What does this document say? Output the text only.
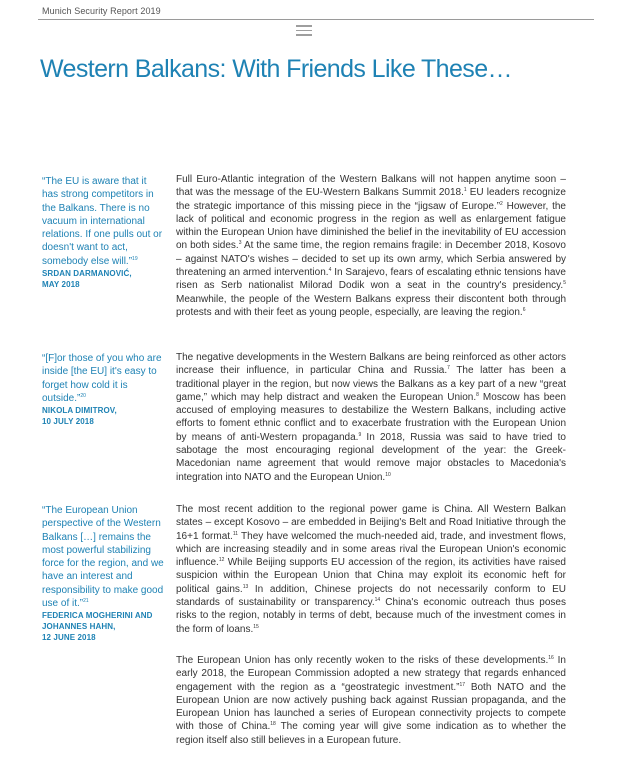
Munich Security Report 2019
Western Balkans: With Friends Like These…
“The EU is aware that it has strong competitors in the Balkans. There is no vacuum in international relations. If one pulls out or doesn't want to act, somebody else will.”$^{19}$
SRDAN DARMANOVIĆ,
MAY 2018
“[F]or those of you who are inside [the EU] it's easy to forget how cold it is outside.”$^{20}$
NIKOLA DIMITROV,
10 JULY 2018
“The European Union perspective of the Western Balkans […] remains the most powerful stabilizing force for the region, and we have an interest and responsibility to make good use of it.”$^{21}$
FEDERICA MOGHERINI AND JOHANNES HAHN,
12 JUNE 2018

Full Euro-Atlantic integration of the Western Balkans will not happen anytime soon – that was the message of the EU-Western Balkans Summit 2018.$^1$ EU leaders recognize the strategic importance of this missing piece in the “jigsaw of Europe.”$^2$ However, the lack of political and economic progress in the region as well as enlargement fatigue within the European Union have diminished the belief in the inevitability of EU accession on both sides.$^3$ At the same time, the region remains fragile: in December 2018, Kosovo – against NATO's wishes – decided to set up its own army, which Serbia answered by threatening an armed intervention.$^4$ In Sarajevo, fears of escalating ethnic tensions have risen as Serb nationalist Milorad Dodik won a seat in the country's presidency.$^5$ Meanwhile, the people of the Western Balkans express their discontent both through protests and with their feet as young people, especially, are leaving the region.$^6$

The negative developments in the Western Balkans are being reinforced as other actors increase their influence, in particular China and Russia.$^7$ The latter has been a traditional player in the region, but now views the Balkans as a key part of a new “great game,” which may help distract and weaken the European Union.$^8$ Moscow has been accused of employing measures to destabilize the Western Balkans, including active efforts to foment ethnic conflict and to exacerbate frustration with the European Union by means of anti-Western propaganda.$^9$ In 2018, Russia was said to have tried to sabotage the most encouraging regional development of the year: the Greek-Macedonian name agreement that would remove major obstacles to Macedonia's integration into NATO and the European Union.$^{10}$

The most recent addition to the regional power game is China. All Western Balkan states – except Kosovo – are embedded in Beijing's Belt and Road Initiative through the 16+1 format.$^{11}$ They have welcomed the much-needed aid, trade, and investment flows, which are increasing steadily and in some areas rival the European Union's economic influence.$^{12}$ While Beijing supports EU accession of the region, its activities have raised suspicion within the European Union that China may exploit its economic heft for political gains.$^{13}$ In addition, Chinese projects do not necessarily conform to EU standards of sustainability or transparency.$^{14}$ China's economic outreach thus poses risks to the region, notably in terms of debt, because much of the investment comes in the form of loans.$^{15}$

The European Union has only recently woken to the risks of these developments.$^{16}$ In early 2018, the European Commission adopted a new strategy that regards enhanced engagement with the region as a “geostrategic investment.”$^{17}$ Both NATO and the European Union are now actively pushing back against Russian propaganda, and the European Union has launched a series of European connectivity projects to compete with those of China.$^{18}$ The coming year will give some indication as to whether the region itself also still believes in a European future.
